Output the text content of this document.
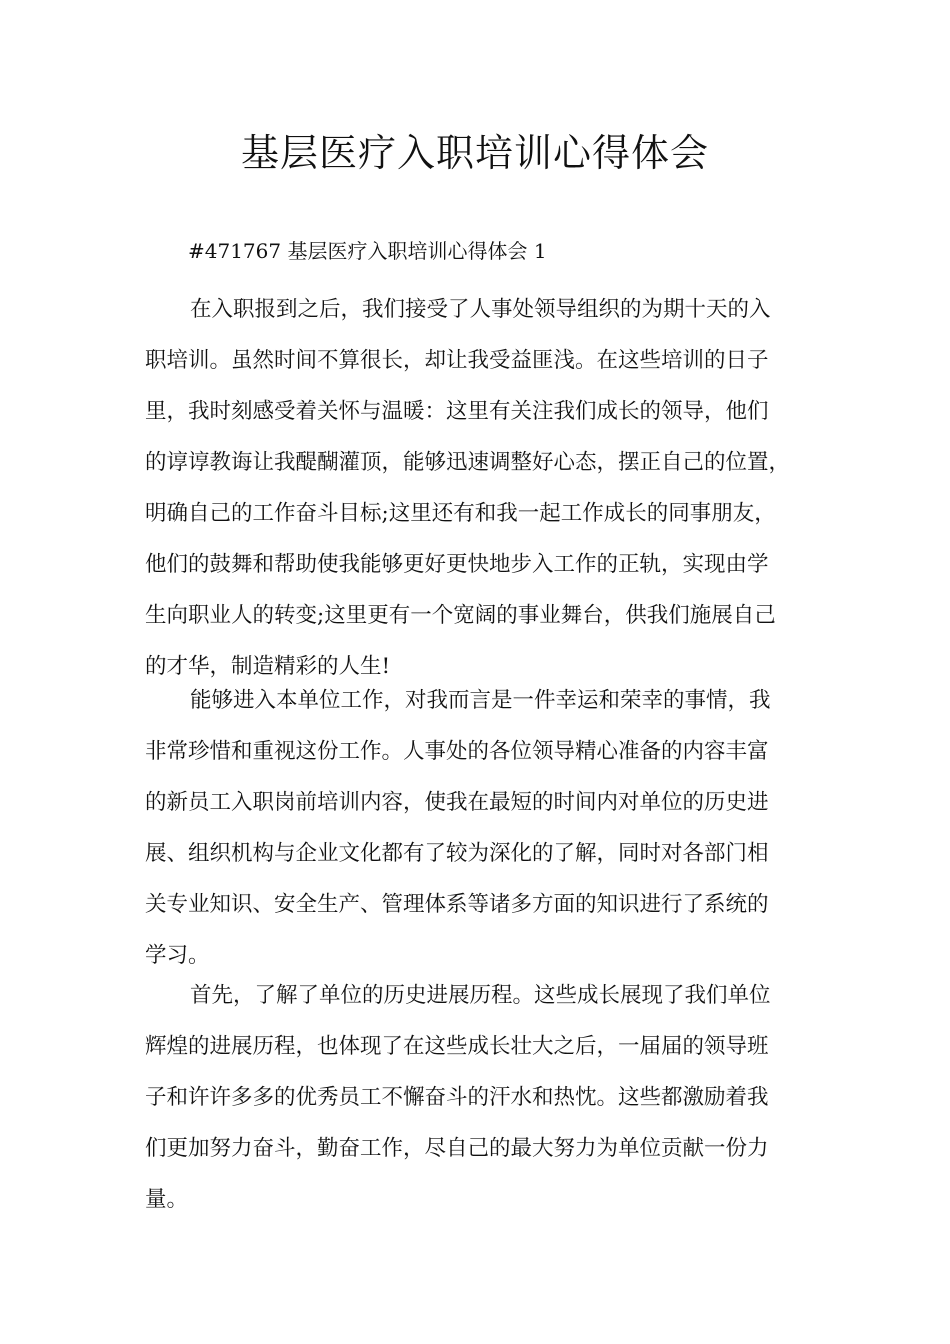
基层医疗入职培训心得体会

#471767 基层医疗入职培训心得体会 1

在入职报到之后，我们接受了人事处领导组织的为期十天的入
职培训。虽然时间不算很长，却让我受益匪浅。在这些培训的日子
里，我时刻感受着关怀与温暖：这里有关注我们成长的领导，他们
的谆谆教诲让我醍醐灌顶，能够迅速调整好心态，摆正自己的位置，
明确自己的工作奋斗目标;这里还有和我一起工作成长的同事朋友，
他们的鼓舞和帮助使我能够更好更快地步入工作的正轨，实现由学
生向职业人的转变;这里更有一个宽阔的事业舞台，供我们施展自己
的才华，制造精彩的人生!
能够进入本单位工作，对我而言是一件幸运和荣幸的事情，我
非常珍惜和重视这份工作。人事处的各位领导精心准备的内容丰富
的新员工入职岗前培训内容，使我在最短的时间内对单位的历史进
展、组织机构与企业文化都有了较为深化的了解，同时对各部门相
关专业知识、安全生产、管理体系等诸多方面的知识进行了系统的
学习。
首先，了解了单位的历史进展历程。这些成长展现了我们单位
辉煌的进展历程，也体现了在这些成长壮大之后，一届届的领导班
子和许许多多的优秀员工不懈奋斗的汗水和热忱。这些都激励着我
们更加努力奋斗，勤奋工作，尽自己的最大努力为单位贡献一份力
量。
